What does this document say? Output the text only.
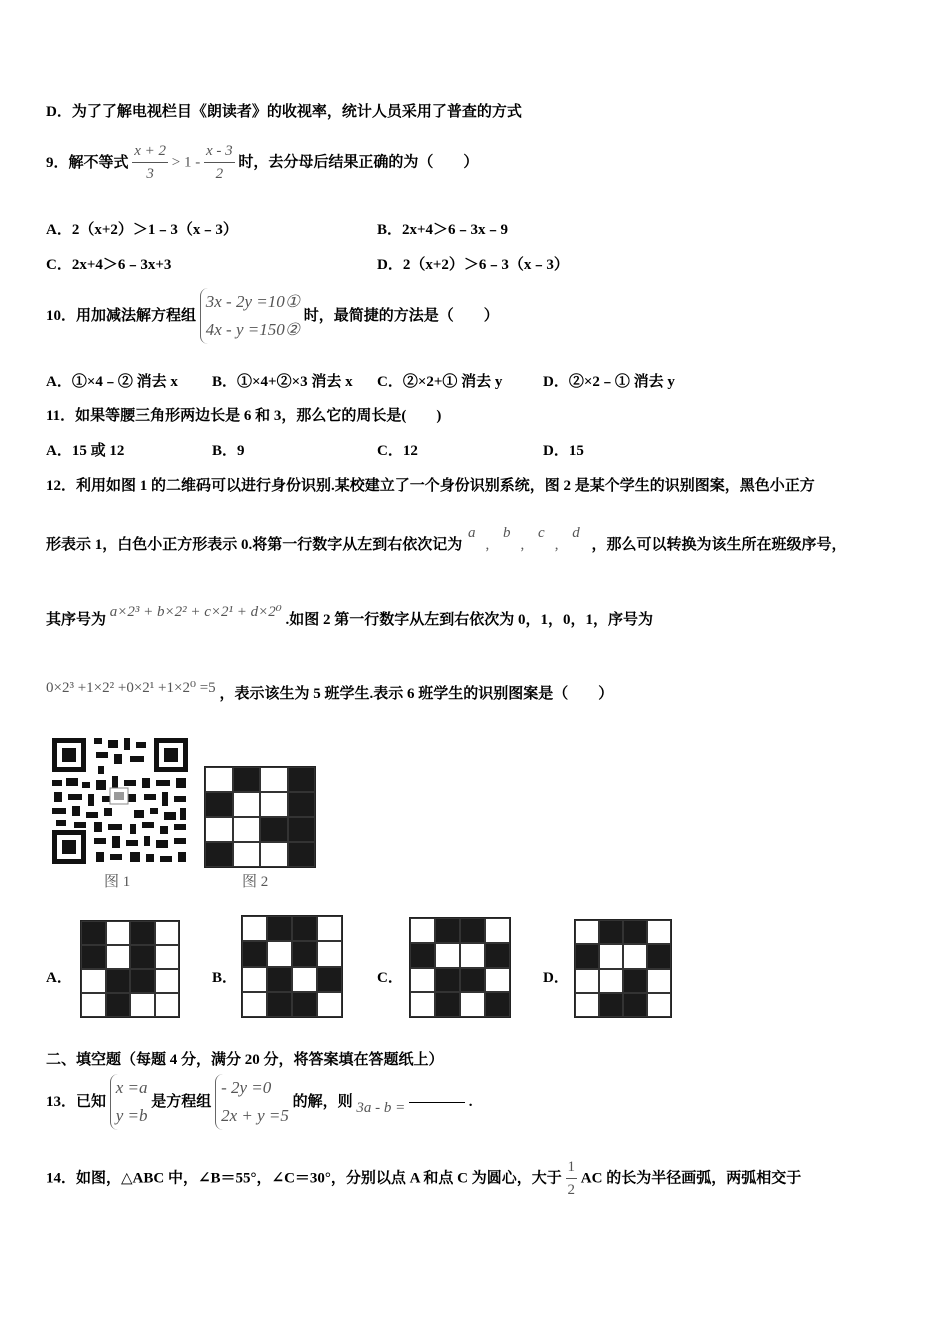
D．为了了解电视栏目《朗读者》的收视率，统计人员采用了普查的方式
9．解不等式 $\frac{x + 2}{3} > 1 - \frac{x - 3}{2}$ 时，去分母后结果正确的为（　　）
A．2（x+2）＞1﹣3（x﹣3）	B．2x+4＞6﹣3x﹣9
C．2x+4＞6﹣3x+3	D．2（x+2）＞6﹣3（x﹣3）
10．用加减法解方程组
3x - 2y =10①
4x - y =150②
时，最简捷的方法是（　　）
A．①×4﹣② 消去 x B．①×4+②×3 消去 x C．②×2+① 消去 y	D．②×2﹣① 消去 y
11．如果等腰三角形两边长是 6 和 3，那么它的周长是(　　)
A．15 或 12	B．9	C．12	D．15
12．利用如图 1 的二维码可以进行身份识别.某校建立了一个身份识别系统，图 2 是某个学生的识别图案，黑色小正方
形表示 1，白色小正方形表示 0.将第一行数字从左到右依次记为 a, b, c, d ，那么可以转换为该生所在班级序号，
其序号为 a×2³ + b×2² + c×2¹ + d×2⁰ .如图 2 第一行数字从左到右依次为 0，1，0，1，序号为
0×2³ +1×2² +0×2¹ +1×2⁰ =5 ，表示该生为 5 班学生.表示 6 班学生的识别图案是（　　）
图 1	图 2
A．	B．	C．	D．
二、填空题（每题 4 分，满分 20 分，将答案填在答题纸上）
13．已知
x =a
y =b
是方程组
- 2y =0
2x + y =5
的解，则 3a - b =	.
14．如图，△ABC 中，∠B＝55°，∠C＝30°，分别以点 A 和点 C 为圆心，大于 $\frac{1}{2}$ AC 的长为半径画弧，两弧相交于
